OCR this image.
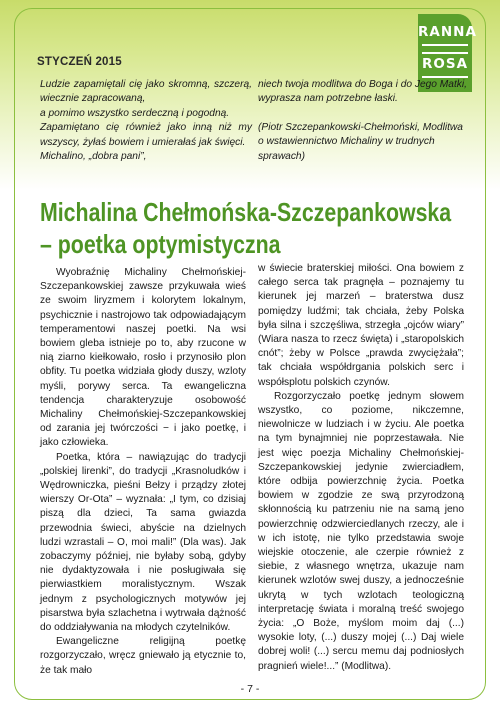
STYCZEŃ 2015
RANNA
ROSA

Ludzie zapamiętali cię jako skromną, szczerą,

wiecznie zapracowaną,

a pomimo wszystko serdeczną i pogodną.

Zapamiętano cię również jako inną niż my

wszyscy, żyłaś bowiem i umierałaś jak święci.

Michalino, „dobra pani”,

niech twoja modlitwa do Boga i do Jego Matki,

wyprasza nam potrzebne łaski.

(Piotr Szczepankowski-Chełmoński, Modlitwa

o wstawiennictwo Michaliny w trudnych sprawach)

Michalina Chełmońska-Szczepankowska
– poetka optymistyczna

Wyobraźnię Michaliny Chełmońskiej-Szczepankowskiej zawsze przykuwała wieś ze swoim liryzmem i kolorytem lokalnym, psychicznie i nastrojowo tak odpowiadającym temperamentowi naszej poetki. Na wsi bowiem gleba istnieje po to, aby rzucone w nią ziarno kiełkowało, rosło i przynosiło plon obfity. Tu poetka widziała głody duszy, wzloty myśli, porywy serca. Ta ewangeliczna tendencja charakteryzuje osobowość Michaliny Chełmońskiej-Szczepankowskiej od zarania jej twórczości − i jako poetkę, i jako człowieka.

Poetka, która – nawiązując do tradycji „polskiej lirenki”, do tradycji „Krasnoludków i Wędrowniczka, pieśni Bełzy i prządzy złotej wierszy Or-Ota” – wyznała: „I tym, co dzisiaj piszą dla dzieci, Ta sama gwiazda przewodnia świeci, abyście na dzielnych ludzi wzrastali – O, moi mali!” (Dla was). Jak zobaczymy później, nie byłaby sobą, gdyby nie dydaktyzowała i nie posługiwała się pierwiastkiem moralistycznym. Wszak jednym z psychologicznych motywów jej pisarstwa była szlachetna i wytrwała dążność do oddziaływania na młodych czytelników.

Ewangeliczne religijną poetkę rozgorzyczało, wręcz gniewało ją etycznie to, że tak mało

w świecie braterskiej miłości. Ona bowiem z całego serca tak pragnęła – poznajemy tu kierunek jej marzeń – braterstwa dusz pomiędzy ludźmi; tak chciała, żeby Polska była silna i szczęśliwa, strzegła „ojców wiary” (Wiara nasza to rzecz święta) i „staropolskich cnót”; żeby w Polsce „prawda zwyciężała”; tak chciała współdrgania polskich serc i współsplotu polskich czynów.

Rozgorzyczało poetkę jednym słowem wszystko, co poziome, nikczemne, niewolnicze w ludziach i w życiu. Ale poetka na tym bynajmniej nie poprzestawała. Nie jest więc poezja Michaliny Chełmońskiej-Szczepankowskiej jedynie zwierciadłem, które odbija powierzchnię życia. Poetka bowiem w zgodzie ze swą przyrodzoną skłonnością ku patrzeniu nie na samą jeno powierzchnię odzwierciedlanych rzeczy, ale i w ich istotę, nie tylko przedstawia swoje wiejskie otoczenie, ale czerpie również z siebie, z własnego wnętrza, ukazuje nam kierunek wzlotów swej duszy, a jednocześnie ukrytą w tych wzlotach teologiczną interpretację świata i moralną treść swojego życia: „O Boże, myślom moim daj (...) wysokie loty, (...) duszy mojej (...) Daj wiele dobrej woli! (...) sercu memu daj podniosłych pragnień wiele!...” (Modlitwa).

- 7 -
